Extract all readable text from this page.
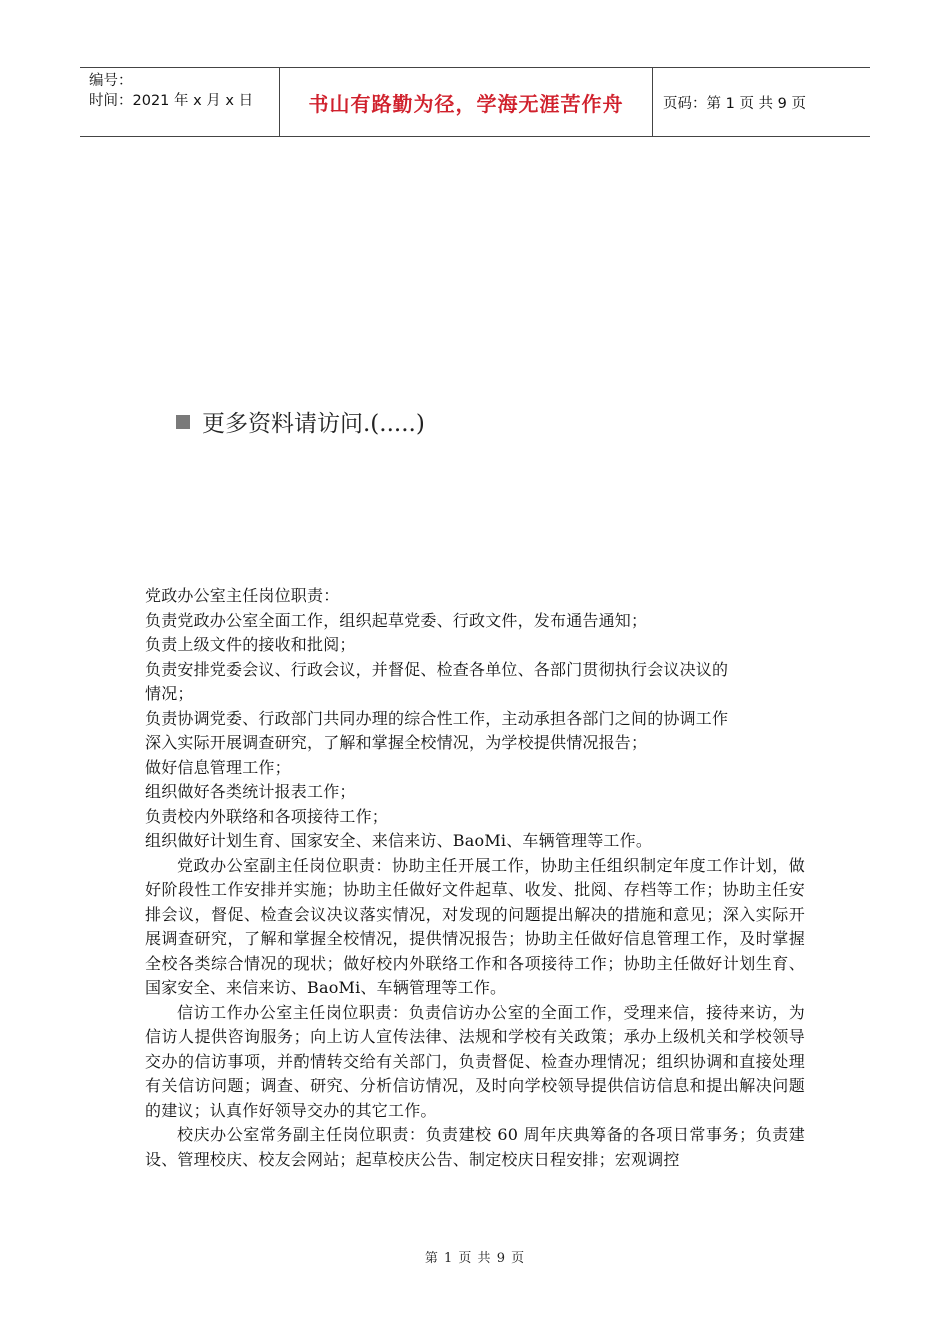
编号：
时间：2021 年 x 月 x 日	书山有路勤为径，学海无涯苦作舟	页码：第 1 页 共 9 页
更多资料请访问.(.....)

党政办公室主任岗位职责：

负责党政办公室全面工作，组织起草党委、行政文件，发布通告通知；

负责上级文件的接收和批阅；

负责安排党委会议、行政会议，并督促、检查各单位、各部门贯彻执行会议决议的

情况；

负责协调党委、行政部门共同办理的综合性工作，主动承担各部门之间的协调工作

深入实际开展调查研究，了解和掌握全校情况，为学校提供情况报告；

做好信息管理工作；

组织做好各类统计报表工作；

负责校内外联络和各项接待工作；

组织做好计划生育、国家安全、来信来访、BaoMi、车辆管理等工作。

党政办公室副主任岗位职责：协助主任开展工作，协助主任组织制定年度工作计划，做好阶段性工作安排并实施；协助主任做好文件起草、收发、批阅、存档等工作；协助主任安排会议，督促、检查会议决议落实情况，对发现的问题提出解决的措施和意见；深入实际开展调查研究，了解和掌握全校情况，提供情况报告；协助主任做好信息管理工作，及时掌握全校各类综合情况的现状；做好校内外联络工作和各项接待工作；协助主任做好计划生育、国家安全、来信来访、BaoMi、车辆管理等工作。

信访工作办公室主任岗位职责：负责信访办公室的全面工作，受理来信，接待来访，为信访人提供咨询服务；向上访人宣传法律、法规和学校有关政策；承办上级机关和学校领导交办的信访事项，并酌情转交给有关部门，负责督促、检查办理情况；组织协调和直接处理有关信访问题；调查、研究、分析信访情况，及时向学校领导提供信访信息和提出解决问题的建议；认真作好领导交办的其它工作。

校庆办公室常务副主任岗位职责：负责建校 60 周年庆典筹备的各项日常事务；负责建设、管理校庆、校友会网站；起草校庆公告、制定校庆日程安排；宏观调控

第 1 页 共 9 页
